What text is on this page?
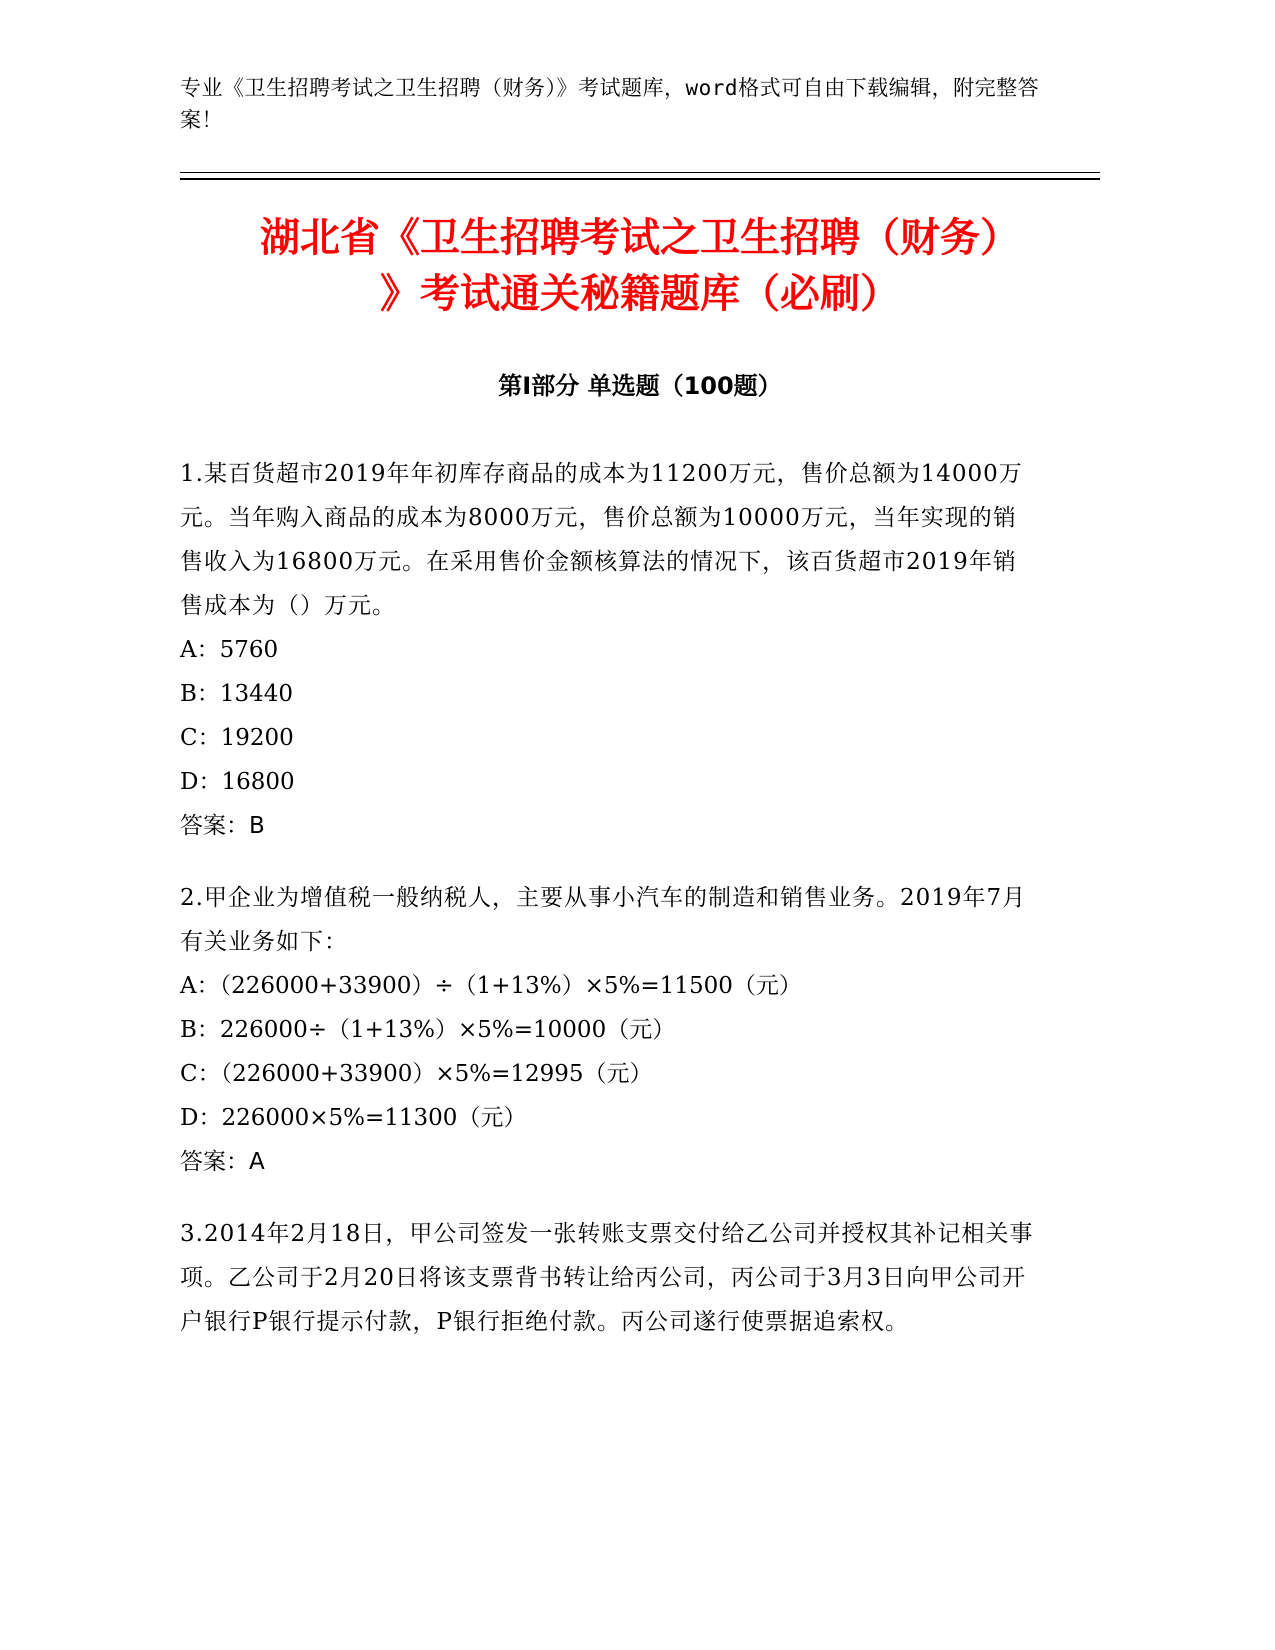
专业《卫生招聘考试之卫生招聘（财务）》考试题库，word格式可自由下载编辑，附完整答案！
湖北省《卫生招聘考试之卫生招聘（财务）
》考试通关秘籍题库（必刷）
第Ⅰ部分 单选题（100题）
1.某百货超市2019年年初库存商品的成本为11200万元，售价总额为14000万元。当年购入商品的成本为8000万元，售价总额为10000万元，当年实现的销售收入为16800万元。在采用售价金额核算法的情况下，该百货超市2019年销售成本为（）万元。
A：5760
B：13440
C：19200
D：16800
答案：B
2.甲企业为增值税一般纳税人，主要从事小汽车的制造和销售业务。2019年7月有关业务如下：
A：（226000+33900）÷（1+13%）×5%=11500（元）
B：226000÷（1+13%）×5%=10000（元）
C：（226000+33900）×5%=12995（元）
D：226000×5%=11300（元）
答案：A
3.2014年2月18日，甲公司签发一张转账支票交付给乙公司并授权其补记相关事项。乙公司于2月20日将该支票背书转让给丙公司，丙公司于3月3日向甲公司开户银行P银行提示付款，P银行拒绝付款。丙公司遂行使票据追索权。
